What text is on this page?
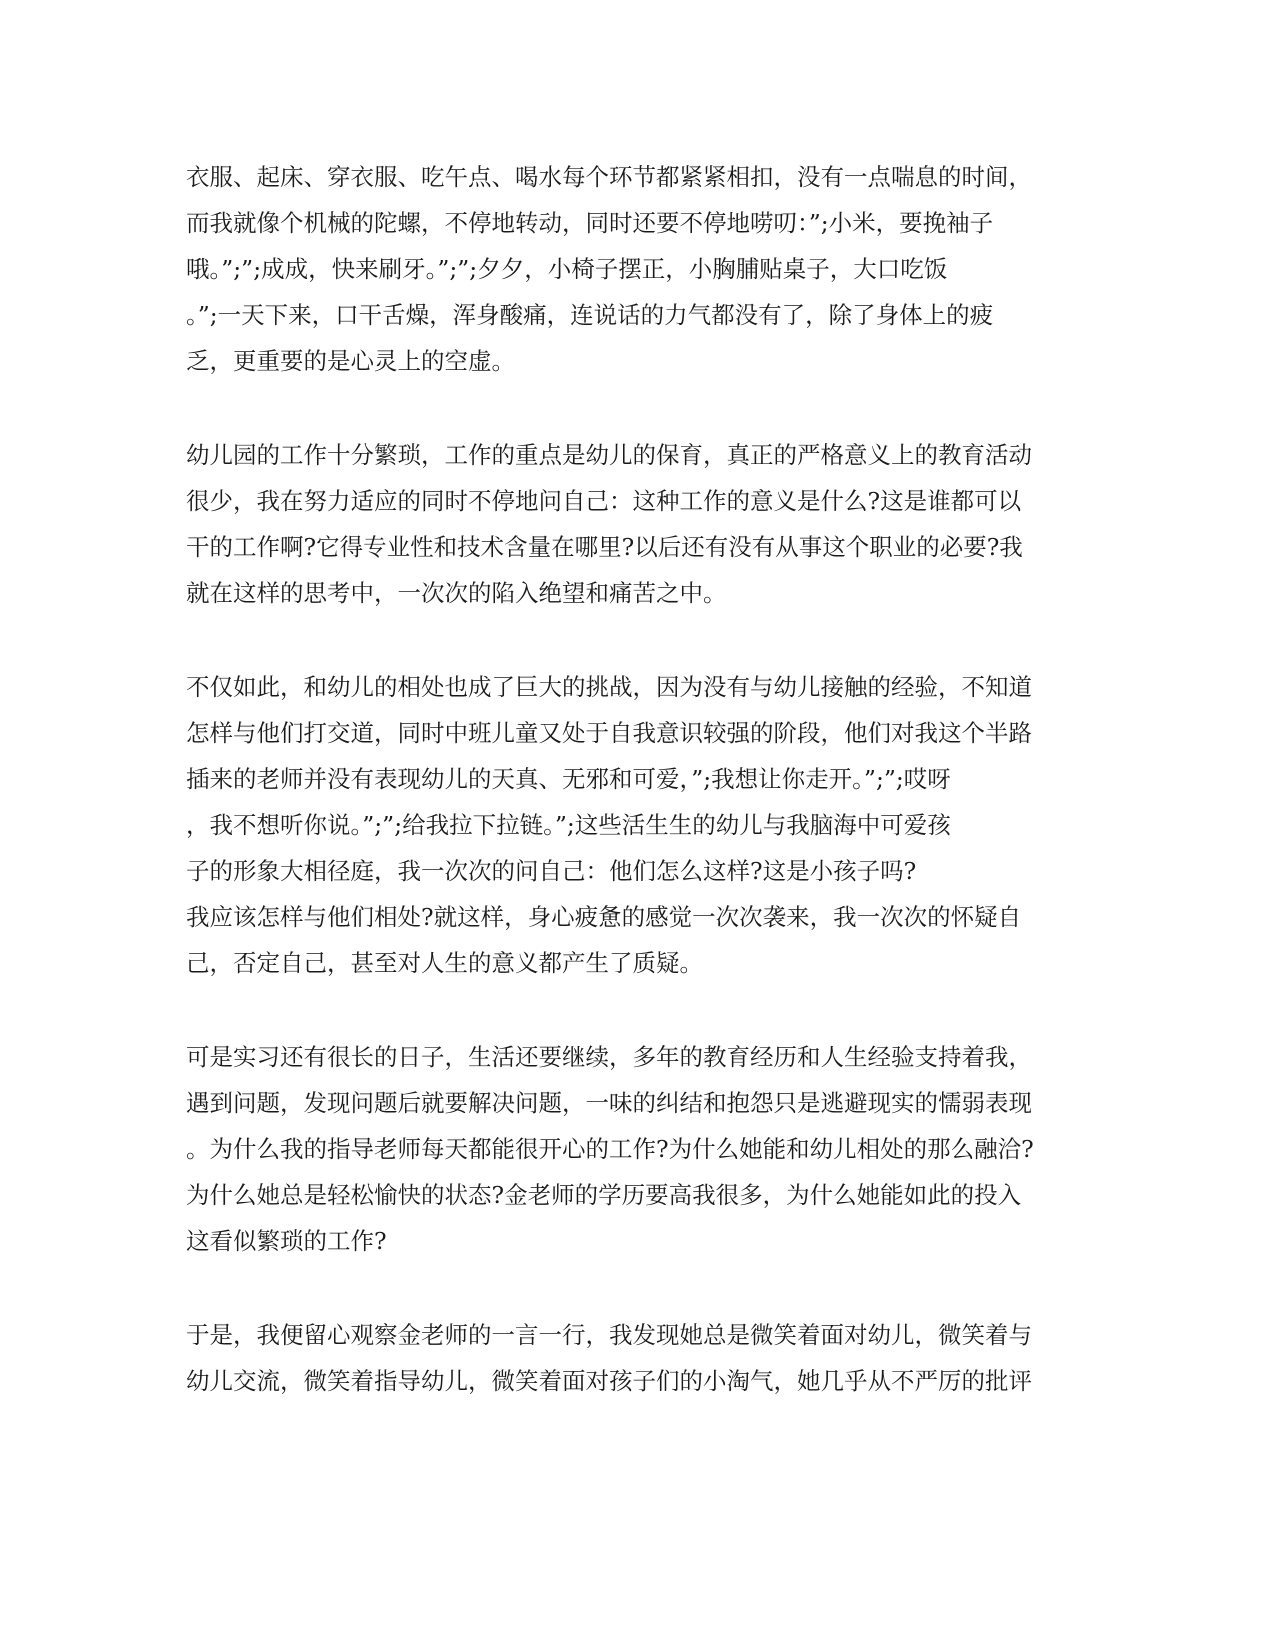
衣服、起床、穿衣服、吃午点、喝水每个环节都紧紧相扣，没有一点喘息的时间，
而我就像个机械的陀螺，不停地转动，同时还要不停地唠叨：”;小米，要挽袖子
哦。”;”;成成，快来刷牙。”;”;夕夕，小椅子摆正，小胸脯贴桌子，大口吃饭
。”;一天下来，口干舌燥，浑身酸痛，连说话的力气都没有了，除了身体上的疲
乏，更重要的是心灵上的空虚。
幼儿园的工作十分繁琐，工作的重点是幼儿的保育，真正的严格意义上的教育活动
很少，我在努力适应的同时不停地问自己：这种工作的意义是什么?这是谁都可以
干的工作啊?它得专业性和技术含量在哪里?以后还有没有从事这个职业的必要?我
就在这样的思考中，一次次的陷入绝望和痛苦之中。
不仅如此，和幼儿的相处也成了巨大的挑战，因为没有与幼儿接触的经验，不知道
怎样与他们打交道，同时中班儿童又处于自我意识较强的阶段，他们对我这个半路
插来的老师并没有表现幼儿的天真、无邪和可爱，”;我想让你走开。”;”;哎呀
，我不想听你说。”;”;给我拉下拉链。”;这些活生生的幼儿与我脑海中可爱孩
子的形象大相径庭，我一次次的问自己：他们怎么这样?这是小孩子吗?
我应该怎样与他们相处?就这样，身心疲惫的感觉一次次袭来，我一次次的怀疑自
己，否定自己，甚至对人生的意义都产生了质疑。
可是实习还有很长的日子，生活还要继续，多年的教育经历和人生经验支持着我，
遇到问题，发现问题后就要解决问题，一味的纠结和抱怨只是逃避现实的懦弱表现
。为什么我的指导老师每天都能很开心的工作?为什么她能和幼儿相处的那么融洽?
为什么她总是轻松愉快的状态?金老师的学历要高我很多，为什么她能如此的投入
这看似繁琐的工作?
于是，我便留心观察金老师的一言一行，我发现她总是微笑着面对幼儿，微笑着与
幼儿交流，微笑着指导幼儿，微笑着面对孩子们的小淘气，她几乎从不严厉的批评
